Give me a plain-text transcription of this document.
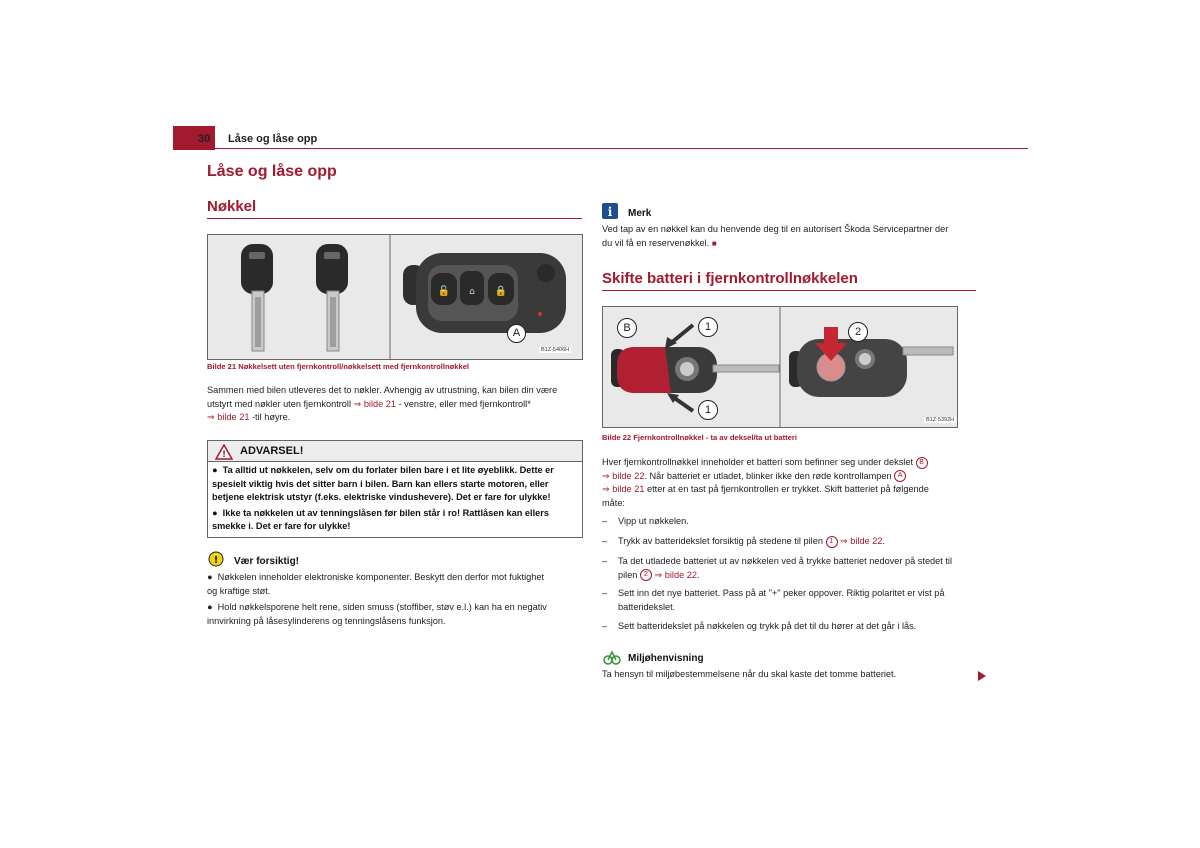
30 Låse og låse opp
Låse og låse opp
Nøkkel
🔓 ⌂ 🔒
A
B1Z-5406H
Bilde 21 Nøkkelsett uten fjernkontroll/nøkkelsett med fjernkontrollnøkkel
Sammen med bilen utleveres det to nøkler. Avhengig av utrustning, kan bilen din være
utstyrt med nøkler uten fjernkontroll ⇒ bilde 21 - venstre, eller med fjernkontroll*
⇒ bilde 21 -til høyre.
! ADVARSEL!
● Ta alltid ut nøkkelen, selv om du forlater bilen bare i et lite øyeblikk. Dette er
spesielt viktig hvis det sitter barn i bilen. Barn kan ellers starte motoren, eller
betjene elektrisk utstyr (f.eks. elektriske vindushevere). Det er fare for ulykke!
● Ikke ta nøkkelen ut av tenningslåsen før bilen står i ro! Rattlåsen kan ellers
smekke i. Det er fare for ulykke!
! Vær forsiktig!
● Nøkkelen inneholder elektroniske komponenter. Beskytt den derfor mot fuktighet
og kraftige støt.
● Hold nøkkelsporene helt rene, siden smuss (stoffiber, støv e.l.) kan ha en negativ
innvirkning på låsesylinderens og tenningslåsens funksjon.
i Merk
Ved tap av en nøkkel kan du henvende deg til en autorisert Škoda Servicepartner der
du vil få en reservenøkkel. ■
Skifte batteri i fjernkontrollnøkkelen
B	1
1
2
B1Z-5392H
Bilde 22 Fjernkontrollnøkkel - ta av deksel/ta ut batteri
Hver fjernkontrollnøkkel inneholder et batteri som befinner seg under dekslet B
⇒ bilde 22. Når batteriet er utladet, blinker ikke den røde kontrollampen A
⇒ bilde 21 etter at en tast på fjernkontrollen er trykket. Skift batteriet på følgende
måte:
– Vipp ut nøkkelen.
– Trykk av batteridekslet forsiktig på stedene til pilen 1 ⇒ bilde 22.
– Ta det utladede batteriet ut av nøkkelen ved å trykke batteriet nedover på stedet til
pilen 2 ⇒ bilde 22.
– Sett inn det nye batteriet. Pass på at "+" peker oppover. Riktig polaritet er vist på
batteridekslet.
– Sett batteridekslet på nøkkelen og trykk på det til du hører at det går i lås.
Miljøhenvisning
Ta hensyn til miljøbestemmelsene når du skal kaste det tomme batteriet.
